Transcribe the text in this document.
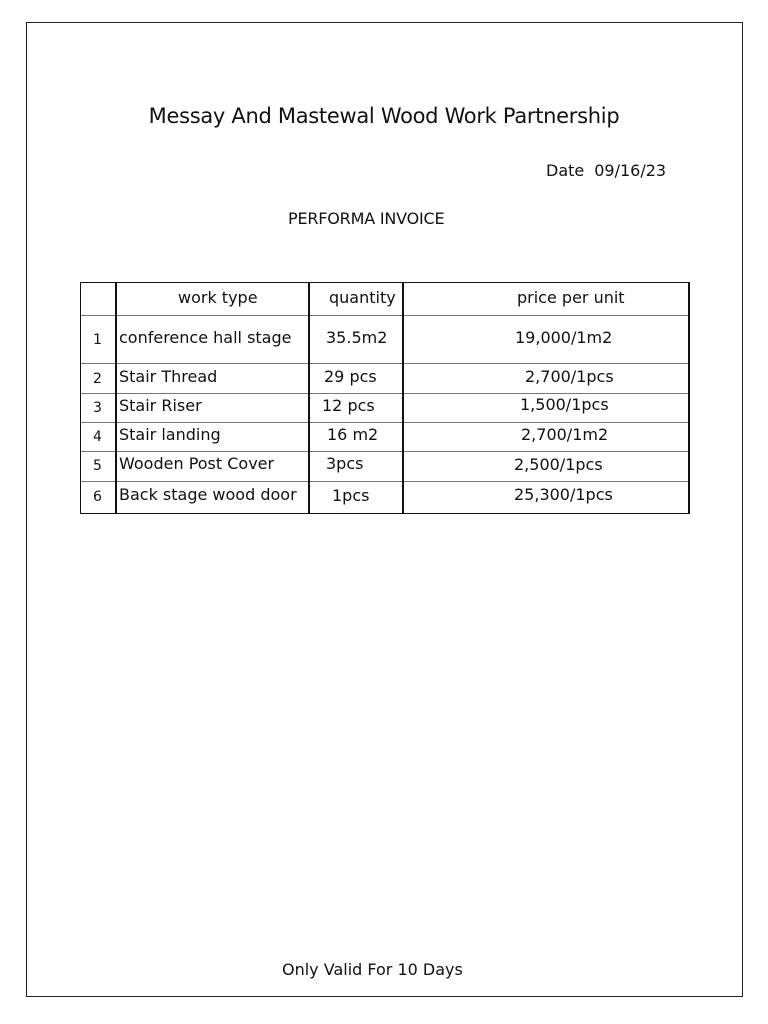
Messay And Mastewal Wood Work Partnership
Date 09/16/23
PERFORMA INVOICE
work type	quantity	price per unit
1 conference hall stage 35.5m2	19,000/1m2
2 Stair Thread	29 pcs	2,700/1pcs
3 Stair Riser	12 pcs	1,500/1pcs
4 Stair landing	16 m2	2,700/1m2
5 Wooden Post Cover	3pcs	2,500/1pcs
6 Back stage wood door 1pcs	25,300/1pcs
Only Valid For 10 Days
